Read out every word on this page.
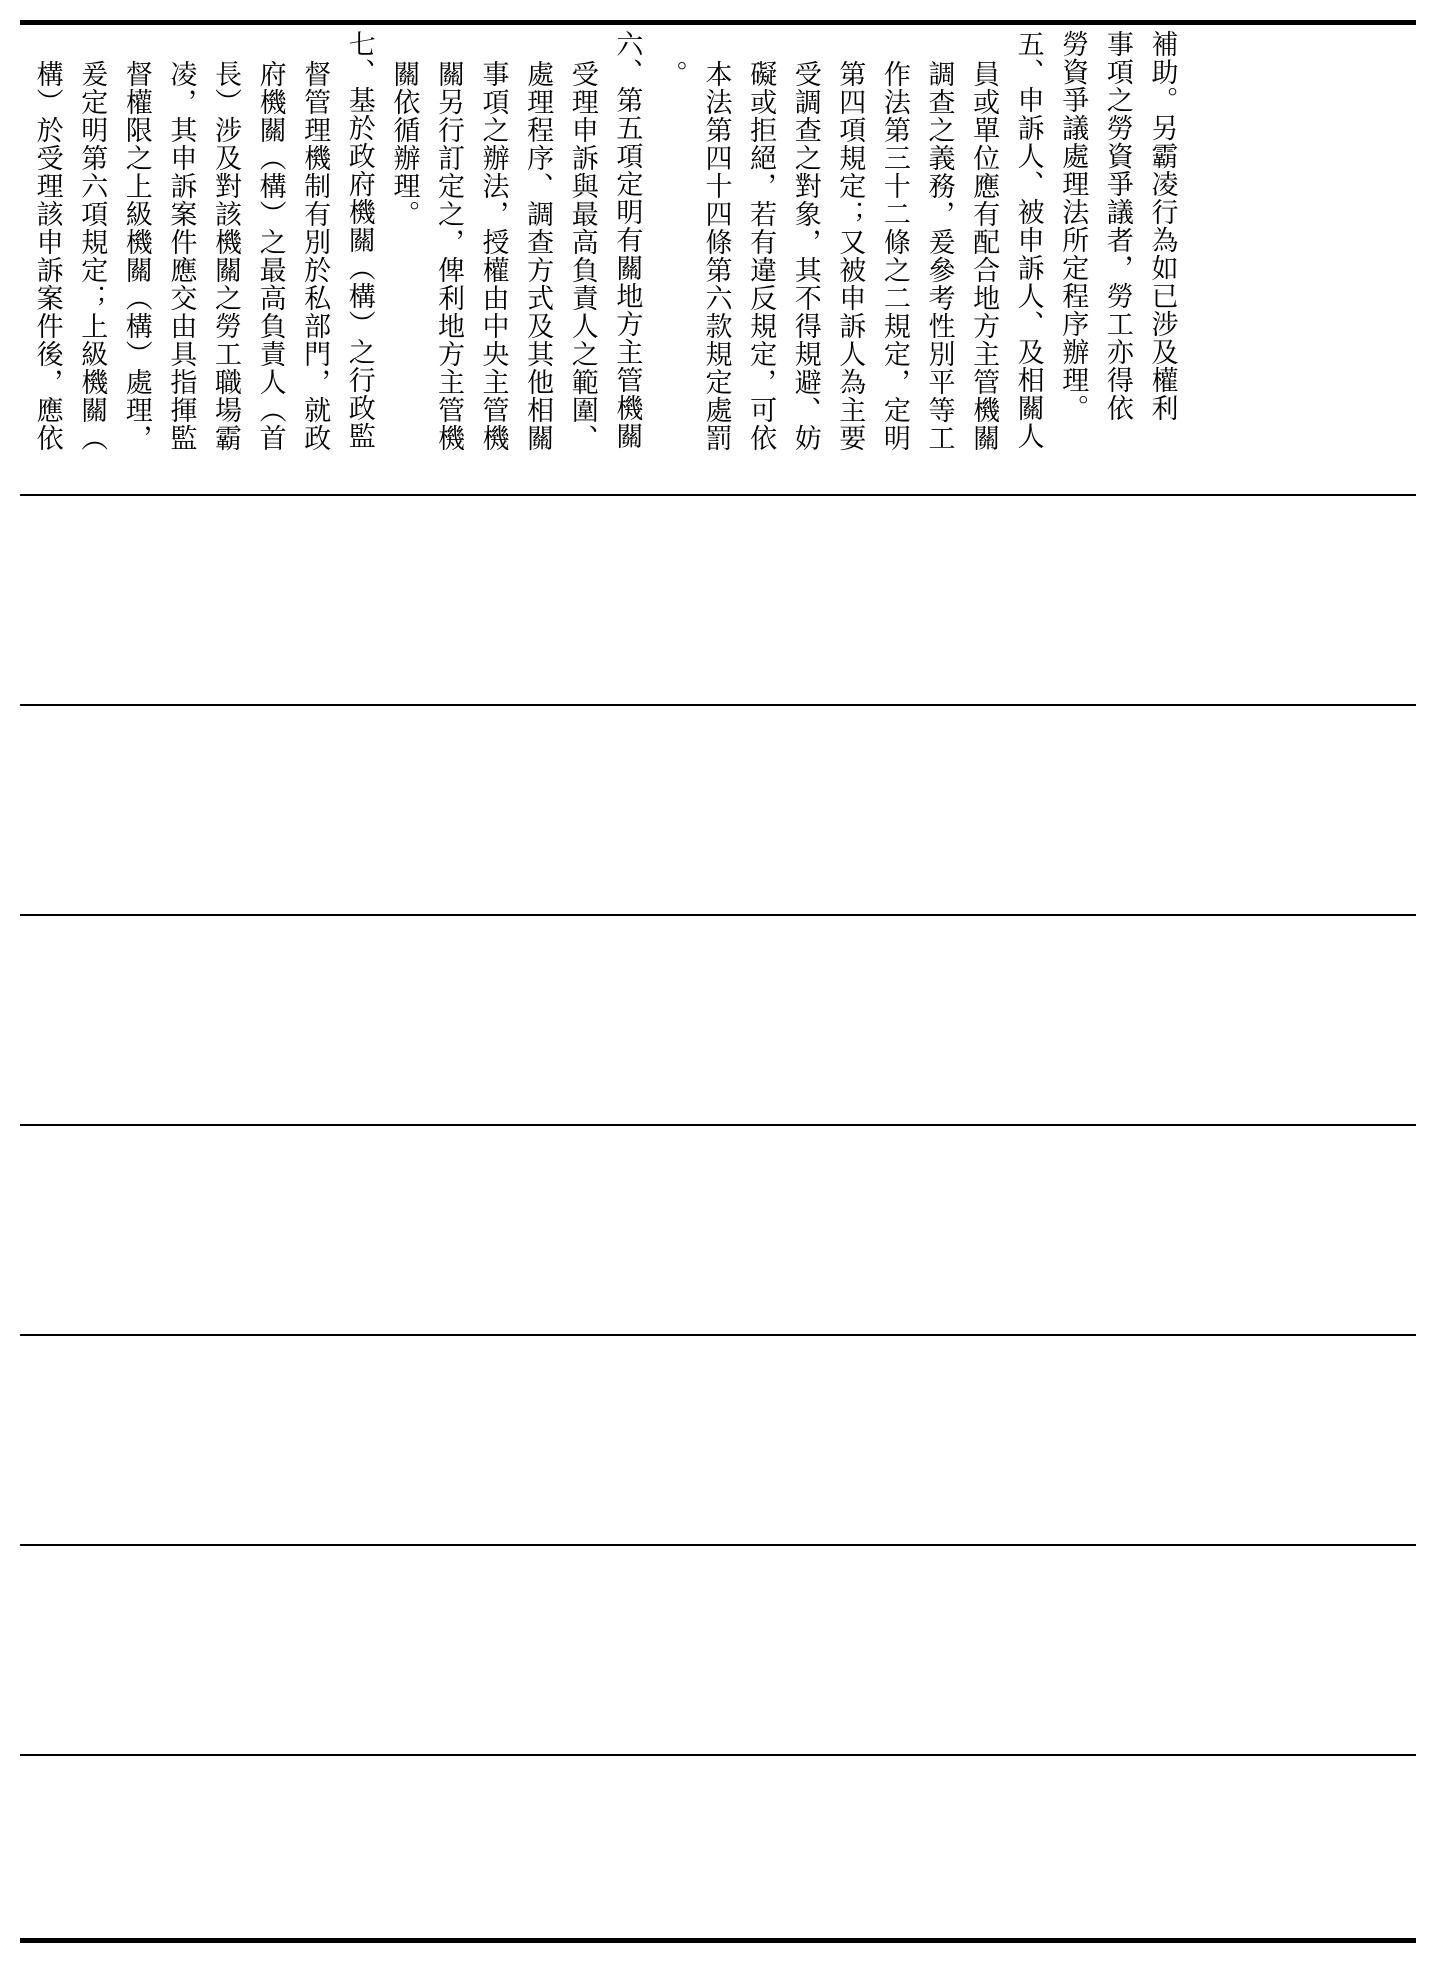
補助。另霸凌行為如已涉及權利
事項之勞資爭議者，勞工亦得依
勞資爭議處理法所定程序辦理。
五、申訴人、被申訴人、及相關人
員或單位應有配合地方主管機關
調查之義務，爰參考性別平等工
作法第三十二條之二規定，定明
第四項規定；又被申訴人為主要
受調查之對象，其不得規避、妨
礙或拒絕，若有違反規定，可依
本法第四十四條第六款規定處罰
。
六、第五項定明有關地方主管機關
受理申訴與最高負責人之範圍、
處理程序、調查方式及其他相關
事項之辦法，授權由中央主管機
關另行訂定之，俾利地方主管機
關依循辦理。
七、基於政府機關（構）之行政監
督管理機制有別於私部門，就政
府機關（構）之最高負責人（首
長）涉及對該機關之勞工職場霸
凌，其申訴案件應交由具指揮監
督權限之上級機關（構）處理，
爰定明第六項規定；上級機關（
構）於受理該申訴案件後，應依
